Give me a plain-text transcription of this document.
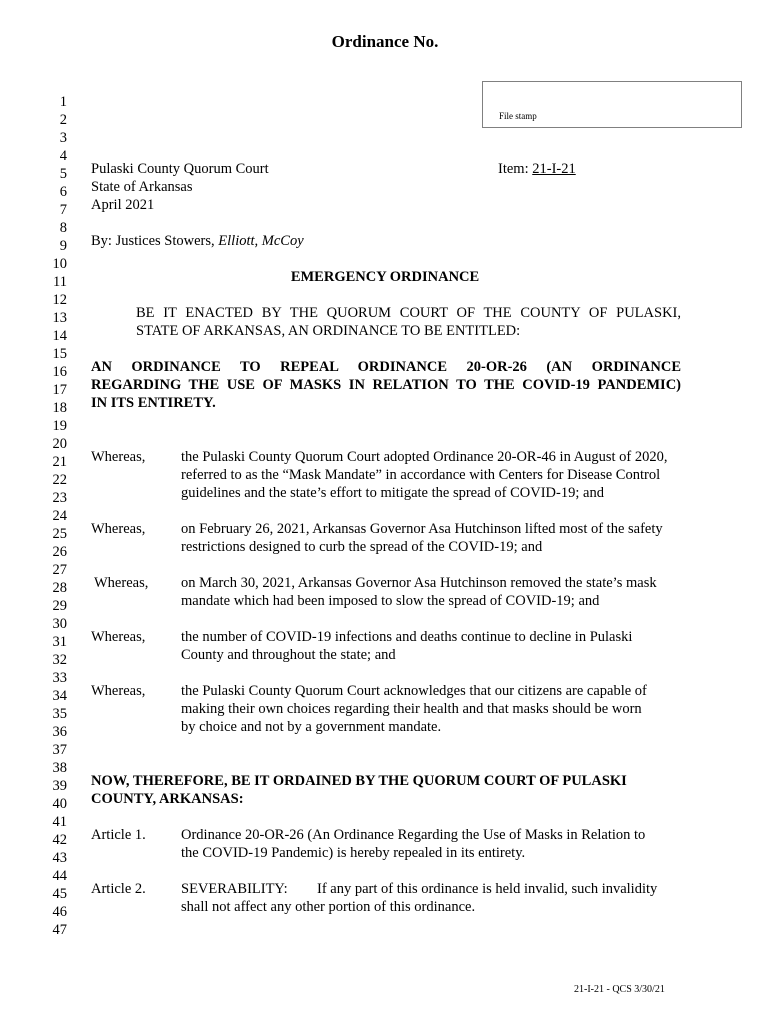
Ordinance No.
File stamp
1
2
3
4
5
6
7
8
9
10
11
12
13
14
15
16
17
18
19
20
21
22
23
24
25
26
27
28
29
30
31
32
33
34
35
36
37
38
39
40
41
42
43
44
45
46
47
Pulaski County Quorum Court	Item: 21-I-21
State of Arkansas
April 2021
By: Justices Stowers, Elliott, McCoy
EMERGENCY ORDINANCE
BE IT ENACTED BY THE QUORUM COURT OF THE COUNTY OF PULASKI,
STATE OF ARKANSAS, AN ORDINANCE TO BE ENTITLED:
AN ORDINANCE TO REPEAL ORDINANCE 20-OR-26 (AN ORDINANCE
REGARDING THE USE OF MASKS IN RELATION TO THE COVID-19 PANDEMIC)
IN ITS ENTIRETY.
Whereas, the Pulaski County Quorum Court adopted Ordinance 20-OR-46 in August of 2020,
referred to as the “Mask Mandate” in accordance with Centers for Disease Control
guidelines and the state’s effort to mitigate the spread of COVID-19; and
Whereas, on February 26, 2021, Arkansas Governor Asa Hutchinson lifted most of the safety
restrictions designed to curb the spread of the COVID-19; and
Whereas, on March 30, 2021, Arkansas Governor Asa Hutchinson removed the state’s mask
mandate which had been imposed to slow the spread of COVID-19; and
Whereas, the number of COVID-19 infections and deaths continue to decline in Pulaski
County and throughout the state; and
Whereas, the Pulaski County Quorum Court acknowledges that our citizens are capable of
making their own choices regarding their health and that masks should be worn
by choice and not by a government mandate.
NOW, THEREFORE, BE IT ORDAINED BY THE QUORUM COURT OF PULASKI
COUNTY, ARKANSAS:
Article 1. Ordinance 20-OR-26 (An Ordinance Regarding the Use of Masks in Relation to
the COVID-19 Pandemic) is hereby repealed in its entirety.
Article 2. SEVERABILITY: If any part of this ordinance is held invalid, such invalidity
shall not affect any other portion of this ordinance.
21-I-21 - QCS 3/30/21
